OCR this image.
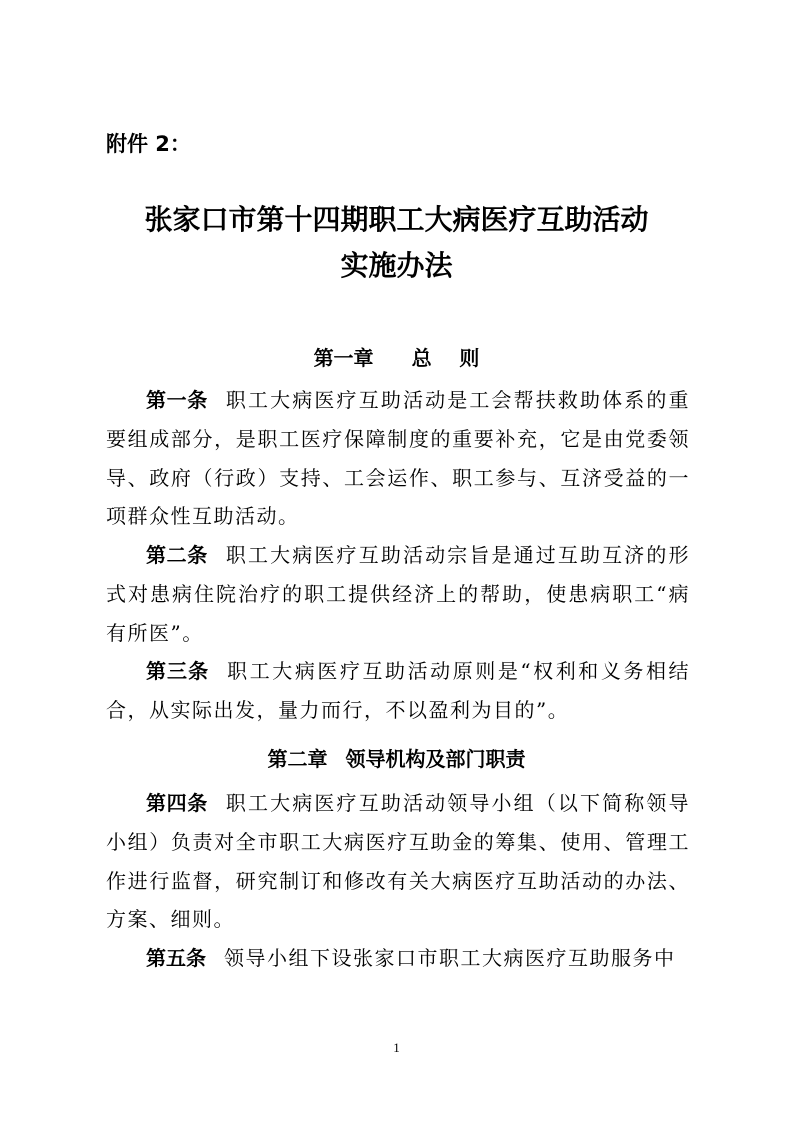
附件 2：
张家口市第十四期职工大病医疗互助活动
实施办法
第一章 总    则

第一条 职工大病医疗互助活动是工会帮扶救助体系的重要组成部分，是职工医疗保障制度的重要补充，它是由党委领导、政府（行政）支持、工会运作、职工参与、互济受益的一项群众性互助活动。

第二条 职工大病医疗互助活动宗旨是通过互助互济的形式对患病住院治疗的职工提供经济上的帮助，使患病职工“病有所医”。

第三条 职工大病医疗互助活动原则是“权利和义务相结合，从实际出发，量力而行，不以盈利为目的”。

第二章 领导机构及部门职责

第四条 职工大病医疗互助活动领导小组（以下简称领导小组）负责对全市职工大病医疗互助金的筹集、使用、管理工作进行监督，研究制订和修改有关大病医疗互助活动的办法、方案、细则。

第五条 领导小组下设张家口市职工大病医疗互助服务中

1
